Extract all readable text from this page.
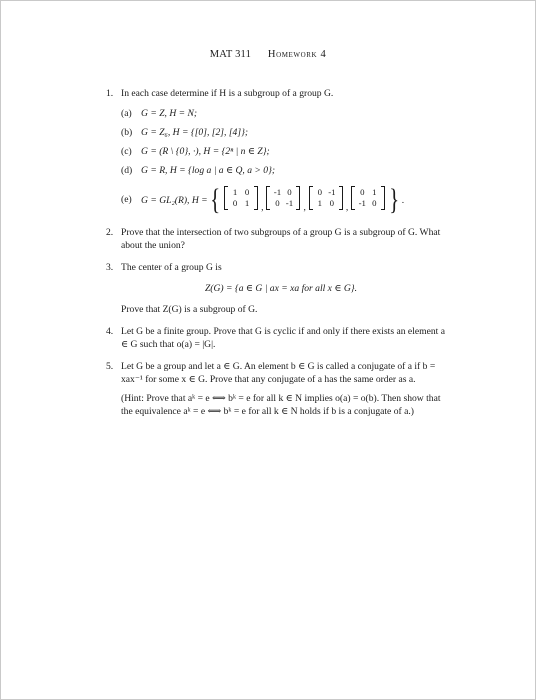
MAT 311 Homework 4
1. In each case determine if H is a subgroup of a group G.
(a) G = Z, H = N;
(b) G = Z₆, H = {[0], [2], [4]};
(c) G = (R \ {0}, ·), H = {2ⁿ | n ∈ Z};
(d) G = R, H = {log a | a ∈ Q, a > 0};
(e) G = GL₂(R), H = {	1 0
0 1	,
-1 0
0 -1 ,
0 -1
1 0	,
0 1
-1 0 } .
2. Prove that the intersection of two subgroups of a group G is a subgroup of G. What about the union?
3. The center of a group G is
Z(G) = {a ∈ G | ax = xa for all x ∈ G}.
Prove that Z(G) is a subgroup of G.
4. Let G be a finite group. Prove that G is cyclic if and only if there exists an element a ∈ G such that o(a) = |G|.
5. Let G be a group and let a ∈ G. An element b ∈ G is called a conjugate of a if b = xax⁻¹ for some x ∈ G. Prove that any conjugate of a has the same order as a.
(Hint: Prove that aᵏ = e ⟺ bᵏ = e for all k ∈ N implies o(a) = o(b). Then show that the equivalence aᵏ = e ⟺ bᵏ = e for all k ∈ N holds if b is a conjugate of a.)
